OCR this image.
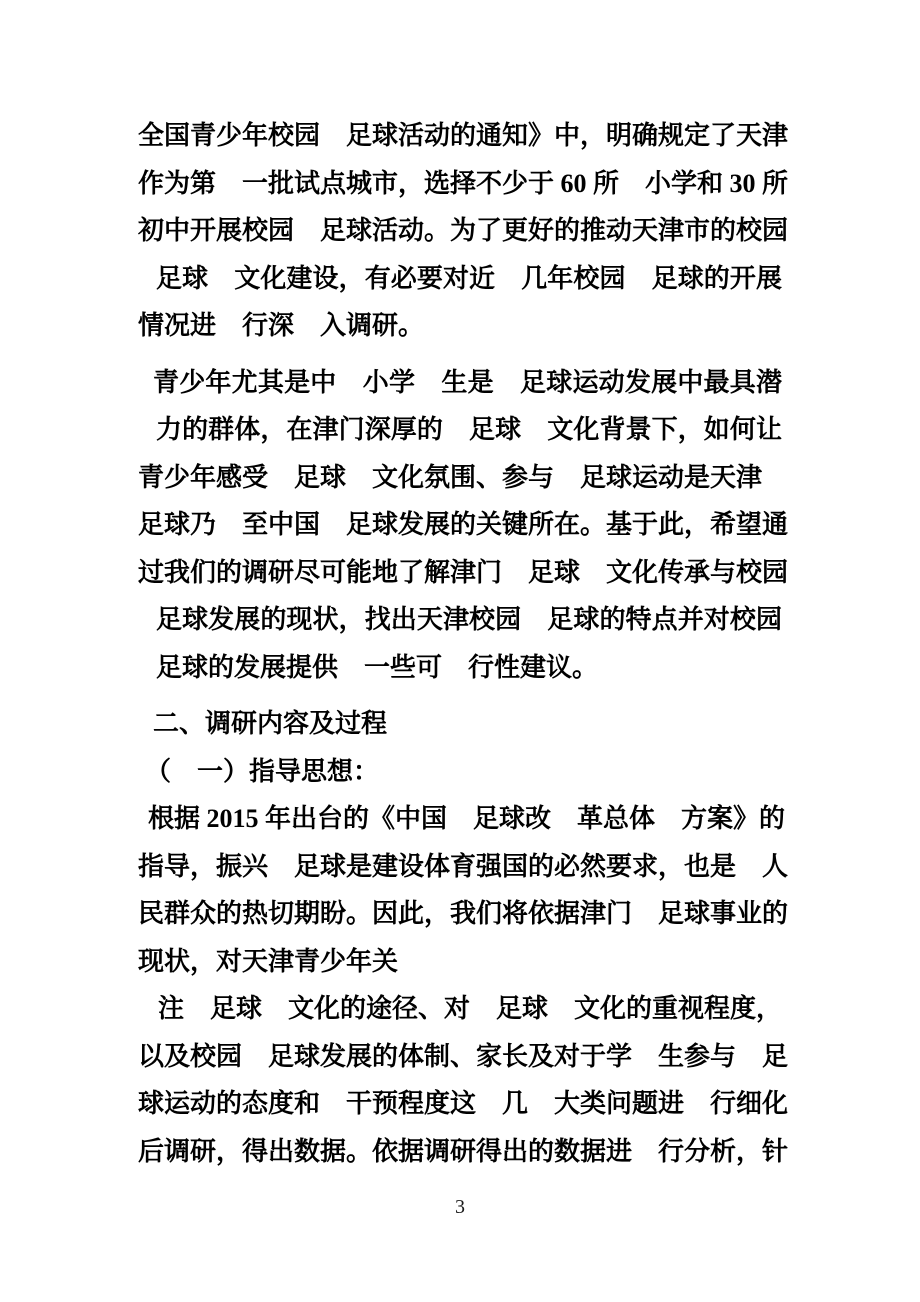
全国青少年校园　足球活动的通知》中，明确规定了天津
作为第　一批试点城市，选择不少于 60 所　小学和 30 所
初中开展校园　足球活动。为了更好的推动天津市的校园
足球　文化建设，有必要对近　几年校园　足球的开展
情况进　行深　入调研。
青少年尤其是中　小学　生是　足球运动发展中最具潜
力的群体，在津门深厚的　足球　文化背景下，如何让
青少年感受　足球　文化氛围、参与　足球运动是天津
足球乃　至中国　足球发展的关键所在。基于此，希望通
过我们的调研尽可能地了解津门　足球　文化传承与校园
足球发展的现状，找出天津校园　足球的特点并对校园
足球的发展提供　一些可　行性建议。
二、调研内容及过程
（　一）指导思想：
根据 2015 年出台的《中国　足球改　革总体　方案》的
指导，振兴　足球是建设体育强国的必然要求，也是　人
民群众的热切期盼。因此，我们将依据津门　足球事业的
现状，对天津青少年关
注　足球　文化的途径、对　足球　文化的重视程度，
以及校园　足球发展的体制、家长及对于学　生参与　足
球运动的态度和　干预程度这　几　大类问题进　行细化
后调研，得出数据。依据调研得出的数据进　行分析，针
3
